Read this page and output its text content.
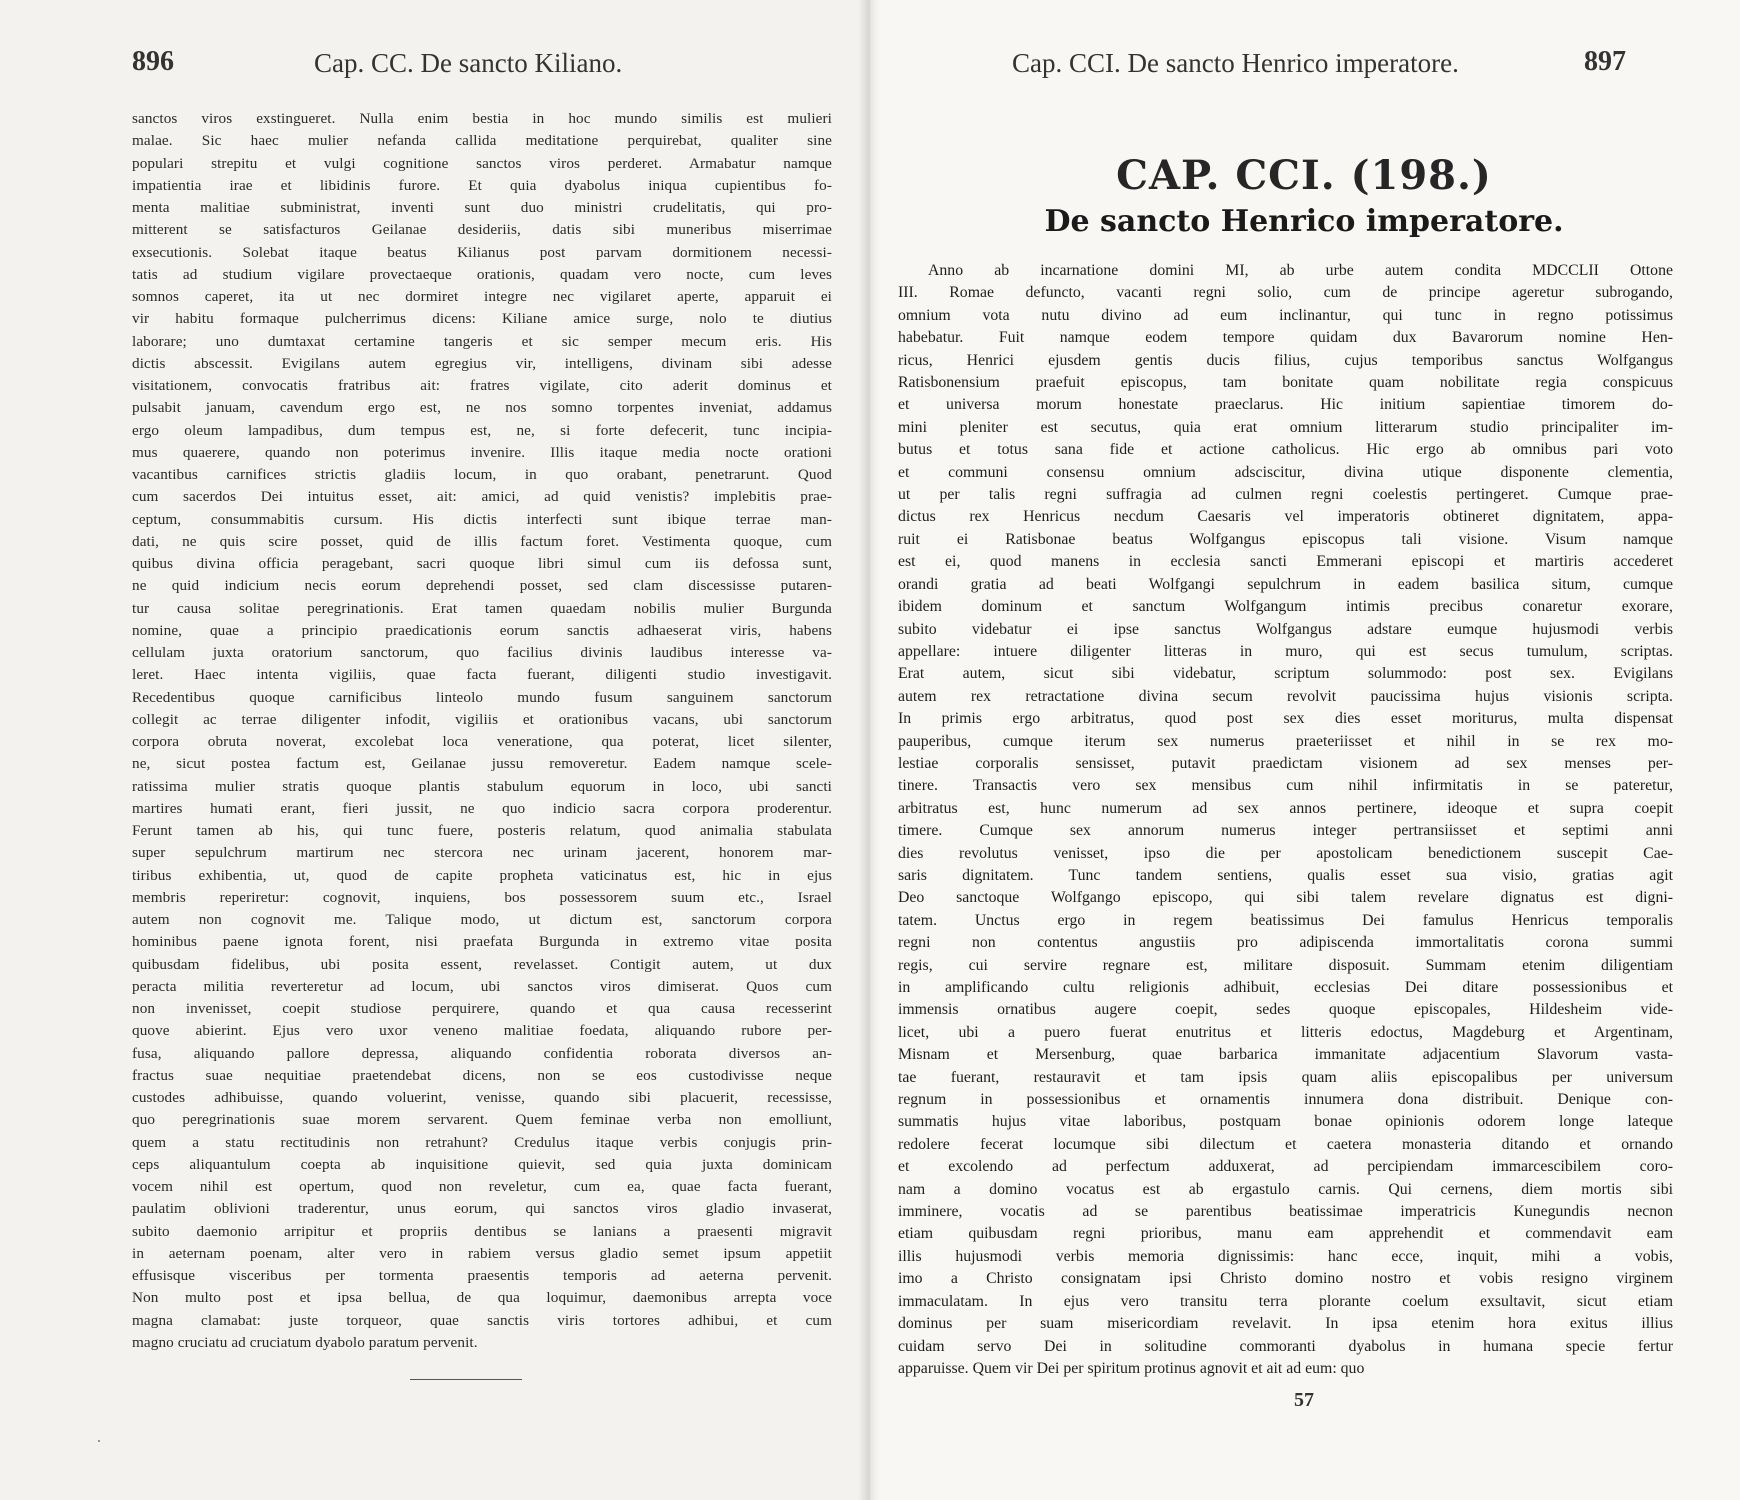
896	Cap. CC. De sancto Kiliano.
sanctos viros exstingueret. Nulla enim bestia in hoc mundo similis est mulieri
malae. Sic haec mulier nefanda callida meditatione perquirebat, qualiter sine
populari strepitu et vulgi cognitione sanctos viros perderet. Armabatur namque
impatientia irae et libidinis furore. Et quia dyabolus iniqua cupientibus fo-
menta malitiae subministrat, inventi sunt duo ministri crudelitatis, qui pro-
mitterent se satisfacturos Geilanae desideriis, datis sibi muneribus miserrimae
exsecutionis. Solebat itaque beatus Kilianus post parvam dormitionem necessi-
tatis ad studium vigilare provectaeque orationis, quadam vero nocte, cum leves
somnos caperet, ita ut nec dormiret integre nec vigilaret aperte, apparuit ei
vir habitu formaque pulcherrimus dicens: Kiliane amice surge, nolo te diutius
laborare; uno dumtaxat certamine tangeris et sic semper mecum eris. His
dictis abscessit. Evigilans autem egregius vir, intelligens, divinam sibi adesse
visitationem, convocatis fratribus ait: fratres vigilate, cito aderit dominus et
pulsabit januam, cavendum ergo est, ne nos somno torpentes inveniat, addamus
ergo oleum lampadibus, dum tempus est, ne, si forte defecerit, tunc incipia-
mus quaerere, quando non poterimus invenire. Illis itaque media nocte orationi
vacantibus carnifices strictis gladiis locum, in quo orabant, penetrarunt. Quod
cum sacerdos Dei intuitus esset, ait: amici, ad quid venistis? implebitis prae-
ceptum, consummabitis cursum. His dictis interfecti sunt ibique terrae man-
dati, ne quis scire posset, quid de illis factum foret. Vestimenta quoque, cum
quibus divina officia peragebant, sacri quoque libri simul cum iis defossa sunt,
ne quid indicium necis eorum deprehendi posset, sed clam discessisse putaren-
tur causa solitae peregrinationis. Erat tamen quaedam nobilis mulier Burgunda
nomine, quae a principio praedicationis eorum sanctis adhaeserat viris, habens
cellulam juxta oratorium sanctorum, quo facilius divinis laudibus interesse va-
leret. Haec intenta vigiliis, quae facta fuerant, diligenti studio investigavit.
Recedentibus quoque carnificibus linteolo mundo fusum sanguinem sanctorum
collegit ac terrae diligenter infodit, vigiliis et orationibus vacans, ubi sanctorum
corpora obruta noverat, excolebat loca veneratione, qua poterat, licet silenter,
ne, sicut postea factum est, Geilanae jussu removeretur. Eadem namque scele-
ratissima mulier stratis quoque plantis stabulum equorum in loco, ubi sancti
martires humati erant, fieri jussit, ne quo indicio sacra corpora proderentur.
Ferunt tamen ab his, qui tunc fuere, posteris relatum, quod animalia stabulata
super sepulchrum martirum nec stercora nec urinam jacerent, honorem mar-
tiribus exhibentia, ut, quod de capite propheta vaticinatus est, hic in ejus
membris reperiretur: cognovit, inquiens, bos possessorem suum etc., Israel
autem non cognovit me. Talique modo, ut dictum est, sanctorum corpora
hominibus paene ignota forent, nisi praefata Burgunda in extremo vitae posita
quibusdam fidelibus, ubi posita essent, revelasset. Contigit autem, ut dux
peracta militia reverteretur ad locum, ubi sanctos viros dimiserat. Quos cum
non invenisset, coepit studiose perquirere, quando et qua causa recesserint
quove abierint. Ejus vero uxor veneno malitiae foedata, aliquando rubore per-
fusa, aliquando pallore depressa, aliquando confidentia roborata diversos an-
fractus suae nequitiae praetendebat dicens, non se eos custodivisse neque
custodes adhibuisse, quando voluerint, venisse, quando sibi placuerit, recessisse,
quo peregrinationis suae morem servarent. Quem feminae verba non emolliunt,
quem a statu rectitudinis non retrahunt? Credulus itaque verbis conjugis prin-
ceps aliquantulum coepta ab inquisitione quievit, sed quia juxta dominicam
vocem nihil est opertum, quod non reveletur, cum ea, quae facta fuerant,
paulatim oblivioni traderentur, unus eorum, qui sanctos viros gladio invaserat,
subito daemonio arripitur et propriis dentibus se lanians a praesenti migravit
in aeternam poenam, alter vero in rabiem versus gladio semet ipsum appetiit
effusisque visceribus per tormenta praesentis temporis ad aeterna pervenit.
Non multo post et ipsa bellua, de qua loquimur, daemonibus arrepta voce
magna clamabat: juste torqueor, quae sanctis viris tortores adhibui, et cum
magno cruciatu ad cruciatum dyabolo paratum pervenit.
Cap. CCI. De sancto Henrico imperatore.	897
CAP. CCI. (198.)
De sancto Henrico imperatore.
Anno ab incarnatione domini MI, ab urbe autem condita MDCCLII Ottone
III. Romae defuncto, vacanti regni solio, cum de principe ageretur subrogando,
omnium vota nutu divino ad eum inclinantur, qui tunc in regno potissimus
habebatur. Fuit namque eodem tempore quidam dux Bavarorum nomine Hen-
ricus, Henrici ejusdem gentis ducis filius, cujus temporibus sanctus Wolfgangus
Ratisbonensium praefuit episcopus, tam bonitate quam nobilitate regia conspicuus
et universa morum honestate praeclarus. Hic initium sapientiae timorem do-
mini pleniter est secutus, quia erat omnium litterarum studio principaliter im-
butus et totus sana fide et actione catholicus. Hic ergo ab omnibus pari voto
et communi consensu omnium adsciscitur, divina utique disponente clementia,
ut per talis regni suffragia ad culmen regni coelestis pertingeret. Cumque prae-
dictus rex Henricus necdum Caesaris vel imperatoris obtineret dignitatem, appa-
ruit ei Ratisbonae beatus Wolfgangus episcopus tali visione. Visum namque
est ei, quod manens in ecclesia sancti Emmerani episcopi et martiris accederet
orandi gratia ad beati Wolfgangi sepulchrum in eadem basilica situm, cumque
ibidem dominum et sanctum Wolfgangum intimis precibus conaretur exorare,
subito videbatur ei ipse sanctus Wolfgangus adstare eumque hujusmodi verbis
appellare: intuere diligenter litteras in muro, qui est secus tumulum, scriptas.
Erat autem, sicut sibi videbatur, scriptum solummodo: post sex. Evigilans
autem rex retractatione divina secum revolvit paucissima hujus visionis scripta.
In primis ergo arbitratus, quod post sex dies esset moriturus, multa dispensat
pauperibus, cumque iterum sex numerus praeteriisset et nihil in se rex mo-
lestiae corporalis sensisset, putavit praedictam visionem ad sex menses per-
tinere. Transactis vero sex mensibus cum nihil infirmitatis in se pateretur,
arbitratus est, hunc numerum ad sex annos pertinere, ideoque et supra coepit
timere. Cumque sex annorum numerus integer pertransiisset et septimi anni
dies revolutus venisset, ipso die per apostolicam benedictionem suscepit Cae-
saris dignitatem. Tunc tandem sentiens, qualis esset sua visio, gratias agit
Deo sanctoque Wolfgango episcopo, qui sibi talem revelare dignatus est digni-
tatem. Unctus ergo in regem beatissimus Dei famulus Henricus temporalis
regni non contentus angustiis pro adipiscenda immortalitatis corona summi
regis, cui servire regnare est, militare disposuit. Summam etenim diligentiam
in amplificando cultu religionis adhibuit, ecclesias Dei ditare possessionibus et
immensis ornatibus augere coepit, sedes quoque episcopales, Hildesheim vide-
licet, ubi a puero fuerat enutritus et litteris edoctus, Magdeburg et Argentinam,
Misnam et Mersenburg, quae barbarica immanitate adjacentium Slavorum vasta-
tae fuerant, restauravit et tam ipsis quam aliis episcopalibus per universum
regnum in possessionibus et ornamentis innumera dona distribuit. Denique con-
summatis hujus vitae laboribus, postquam bonae opinionis odorem longe lateque
redolere fecerat locumque sibi dilectum et caetera monasteria ditando et ornando
et excolendo ad perfectum adduxerat, ad percipiendam immarcescibilem coro-
nam a domino vocatus est ab ergastulo carnis. Qui cernens, diem mortis sibi
imminere, vocatis ad se parentibus beatissimae imperatricis Kunegundis necnon
etiam quibusdam regni prioribus, manu eam apprehendit et commendavit eam
illis hujusmodi verbis memoria dignissimis: hanc ecce, inquit, mihi a vobis,
imo a Christo consignatam ipsi Christo domino nostro et vobis resigno virginem
immaculatam. In ejus vero transitu terra plorante coelum exsultavit, sicut etiam
dominus per suam misericordiam revelavit. In ipsa etenim hora exitus illius
cuidam servo Dei in solitudine commoranti dyabolus in humana specie fertur
apparuisse. Quem vir Dei per spiritum protinus agnovit et ait ad eum: quo
57
